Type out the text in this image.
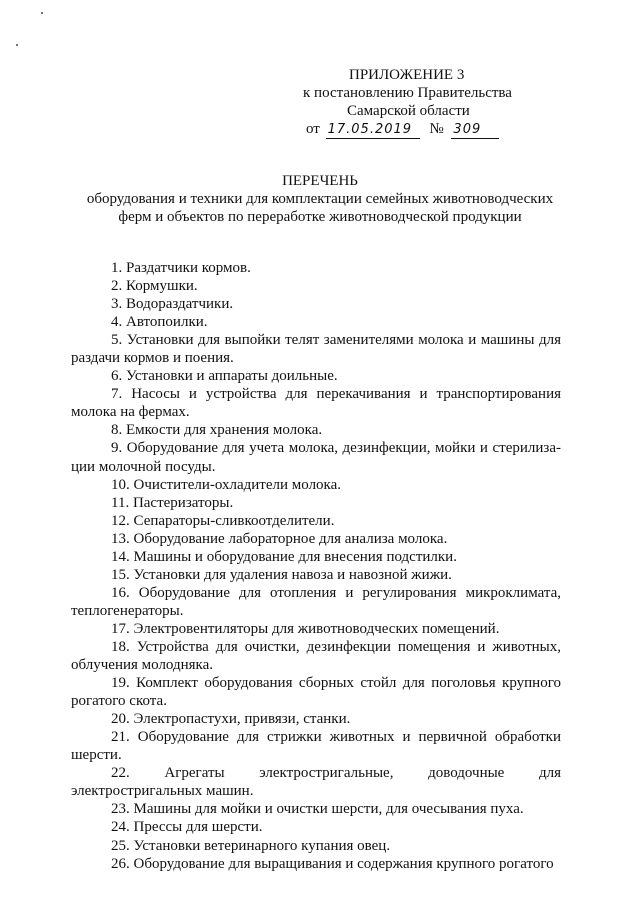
ПРИЛОЖЕНИЕ 3
к постановлению Правительства
Самарской области
от 17.05.2019 № 309
ПЕРЕЧЕНЬ
оборудования и техники для комплектации семейных животноводческих
ферм и объектов по переработке животноводческой продукции

1. Раздатчики кормов.

2. Кормушки.

3. Водораздатчики.

4. Автопоилки.

5. Установки для выпойки телят заменителями молока и машины для раздачи кормов и поения.

6. Установки и аппараты доильные.

7. Насосы и устройства для перекачивания и транспортирования молока на фермах.

8. Емкости для хранения молока.

9. Оборудование для учета молока, дезинфекции, мойки и стерилиза-ции молочной посуды.

10. Очистители-охладители молока.

11. Пастеризаторы.

12. Сепараторы-сливкоотделители.

13. Оборудование лабораторное для анализа молока.

14. Машины и оборудование для внесения подстилки.

15. Установки для удаления навоза и навозной жижи.

16. Оборудование для отопления и регулирования микроклимата, теплогенераторы.

17. Электровентиляторы для животноводческих помещений.

18. Устройства для очистки, дезинфекции помещения и животных, облучения молодняка.

19. Комплект оборудования сборных стойл для поголовья крупного рогатого скота.

20. Электропастухи, привязи, станки.

21. Оборудование для стрижки животных и первичной обработки шерсти.

22. Агрегаты электростригальные, доводочные для электростригальных машин.

23. Машины для мойки и очистки шерсти, для очесывания пуха.

24. Прессы для шерсти.

25. Установки ветеринарного купания овец.

26. Оборудование для выращивания и содержания крупного рогатого
